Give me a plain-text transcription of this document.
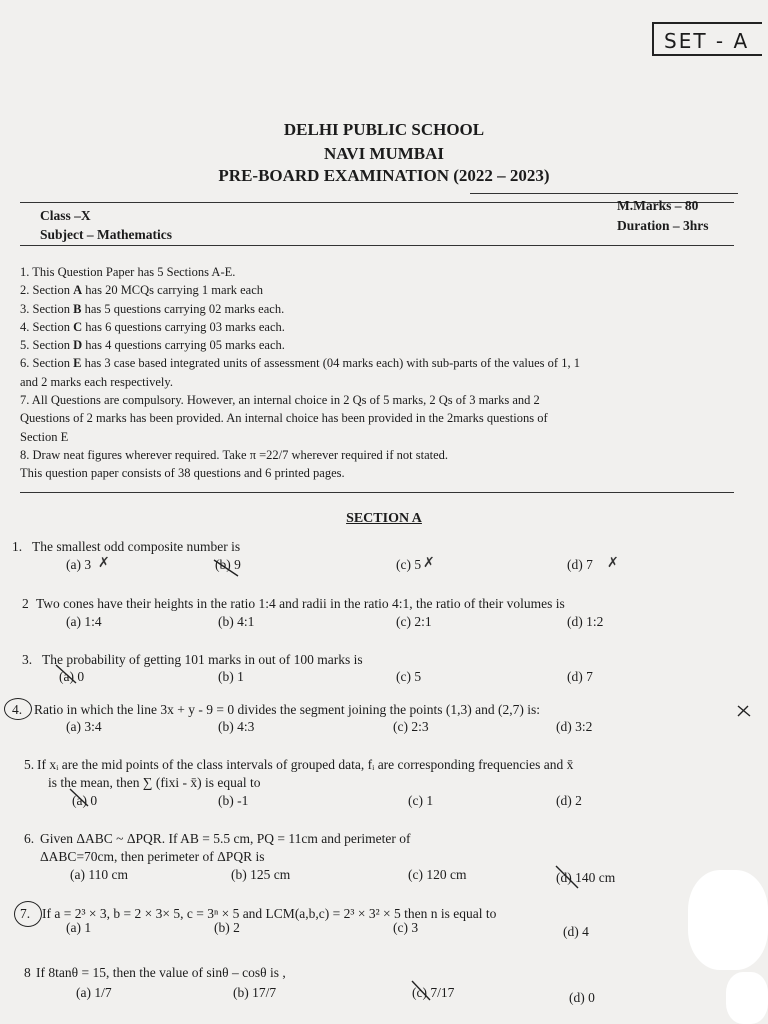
SET - A
DELHI PUBLIC SCHOOL
NAVI MUMBAI
PRE-BOARD EXAMINATION (2022 – 2023)
Class –X
Subject – Mathematics
M.Marks – 80
Duration – 3hrs

1. This Question Paper has 5 Sections A-E.

2. Section A has 20 MCQs carrying 1 mark each

3. Section B has 5 questions carrying 02 marks each.

4. Section C has 6 questions carrying 03 marks each.

5. Section D has 4 questions carrying 05 marks each.

6. Section E has 3 case based integrated units of assessment (04 marks each) with sub-parts of the values of 1, 1

and 2 marks each respectively.

7. All Questions are compulsory. However, an internal choice in 2 Qs of 5 marks, 2 Qs of 3 marks and 2

Questions of 2 marks has been provided. An internal choice has been provided in the 2marks questions of

Section E

8. Draw neat figures wherever required. Take π =22/7 wherever required if not stated.

This question paper consists of 38 questions and 6 printed pages.

SECTION A
1. The smallest odd composite number is
(a) 3	(b) 9	(c) 5	(d) 7
✗	✗	✗
2 Two cones have their heights in the ratio 1:4 and radii in the ratio 4:1, the ratio of their volumes is
(a) 1:4	(b) 4:1	(c) 2:1	(d) 1:2
3. The probability of getting 101 marks in out of 100 marks is
(a) 0	(b) 1	(c) 5	(d) 7
4. Ratio in which the line 3x + y - 9 = 0 divides the segment joining the points (1,3) and (2,7) is:
(a) 3:4	(b) 4:3	(c) 2:3	(d) 3:2
5. If xᵢ are the mid points of the class intervals of grouped data, fᵢ are corresponding frequencies and x̄
is the mean, then ∑ (fixi - x̄) is equal to
(a) 0	(b) -1	(c) 1	(d) 2
6. Given ΔABC ~ ΔPQR. If AB = 5.5 cm, PQ = 11cm and perimeter of
ΔABC=70cm, then perimeter of ΔPQR is
(a) 110 cm	(b) 125 cm	(c) 120 cm	(d) 140 cm
7. If a = 2³ × 3, b = 2 × 3× 5, c = 3ⁿ × 5 and LCM(a,b,c) = 2³ × 3² × 5 then n is equal to
(a) 1	(b) 2	(c) 3	(d) 4
8 If 8tanθ = 15, then the value of sinθ – cosθ is ,
(a) 1/7	(b) 17/7	(c) 7/17	(d) 0
